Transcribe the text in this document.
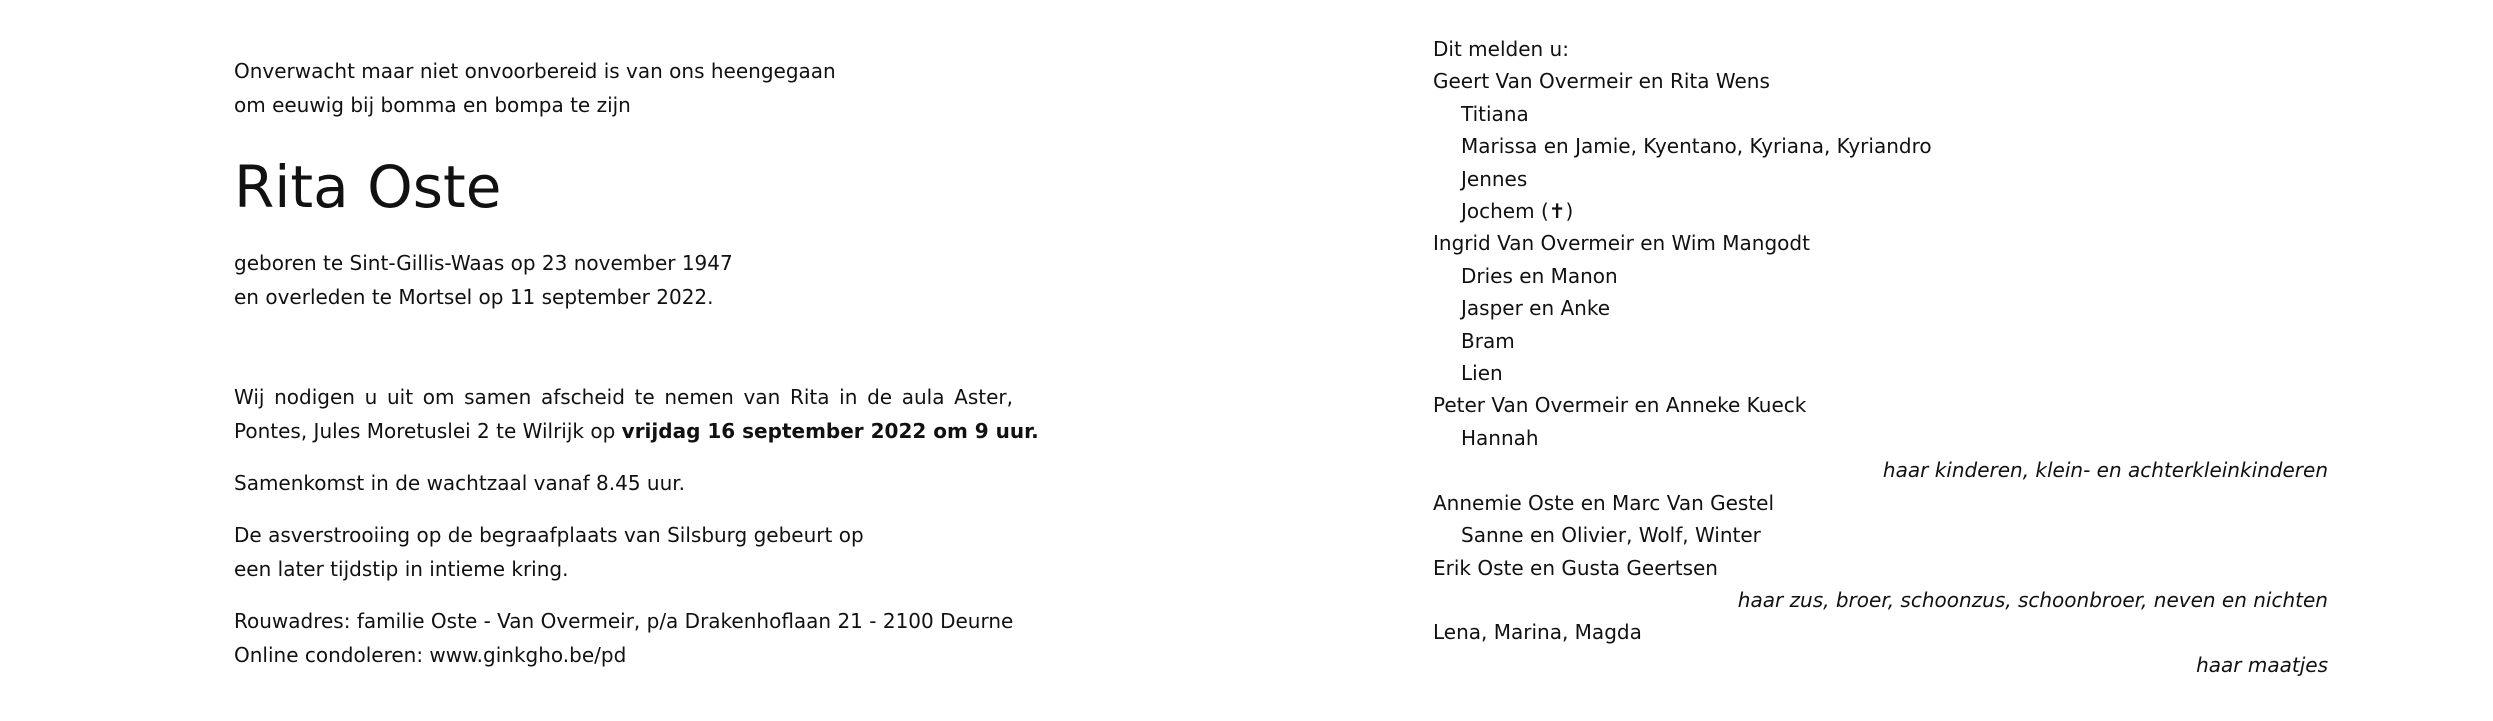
Onverwacht maar niet onvoorbereid is van ons heengegaan
om eeuwig bij bomma en bompa te zijn
Rita Oste
geboren te Sint-Gillis-Waas op 23 november 1947
en overleden te Mortsel op 11 september 2022.
Wij nodigen u uit om samen afscheid te nemen van Rita in de aula Aster,
Pontes, Jules Moretuslei 2 te Wilrijk op vrijdag 16 september 2022 om 9 uur.
Samenkomst in de wachtzaal vanaf 8.45 uur.
De asverstrooiing op de begraafplaats van Silsburg gebeurt op
een later tijdstip in intieme kring.
Rouwadres: familie Oste - Van Overmeir, p/a Drakenhoflaan 21 - 2100 Deurne
Online condoleren: www.ginkgho.be/pd
Dit melden u:
Geert Van Overmeir en Rita Wens
Titiana
Marissa en Jamie, Kyentano, Kyriana, Kyriandro
Jennes
Jochem (✝)
Ingrid Van Overmeir en Wim Mangodt
Dries en Manon
Jasper en Anke
Bram
Lien
Peter Van Overmeir en Anneke Kueck
Hannah
haar kinderen, klein- en achterkleinkinderen
Annemie Oste en Marc Van Gestel
Sanne en Olivier, Wolf, Winter
Erik Oste en Gusta Geertsen
haar zus, broer, schoonzus, schoonbroer, neven en nichten
Lena, Marina, Magda
haar maatjes
